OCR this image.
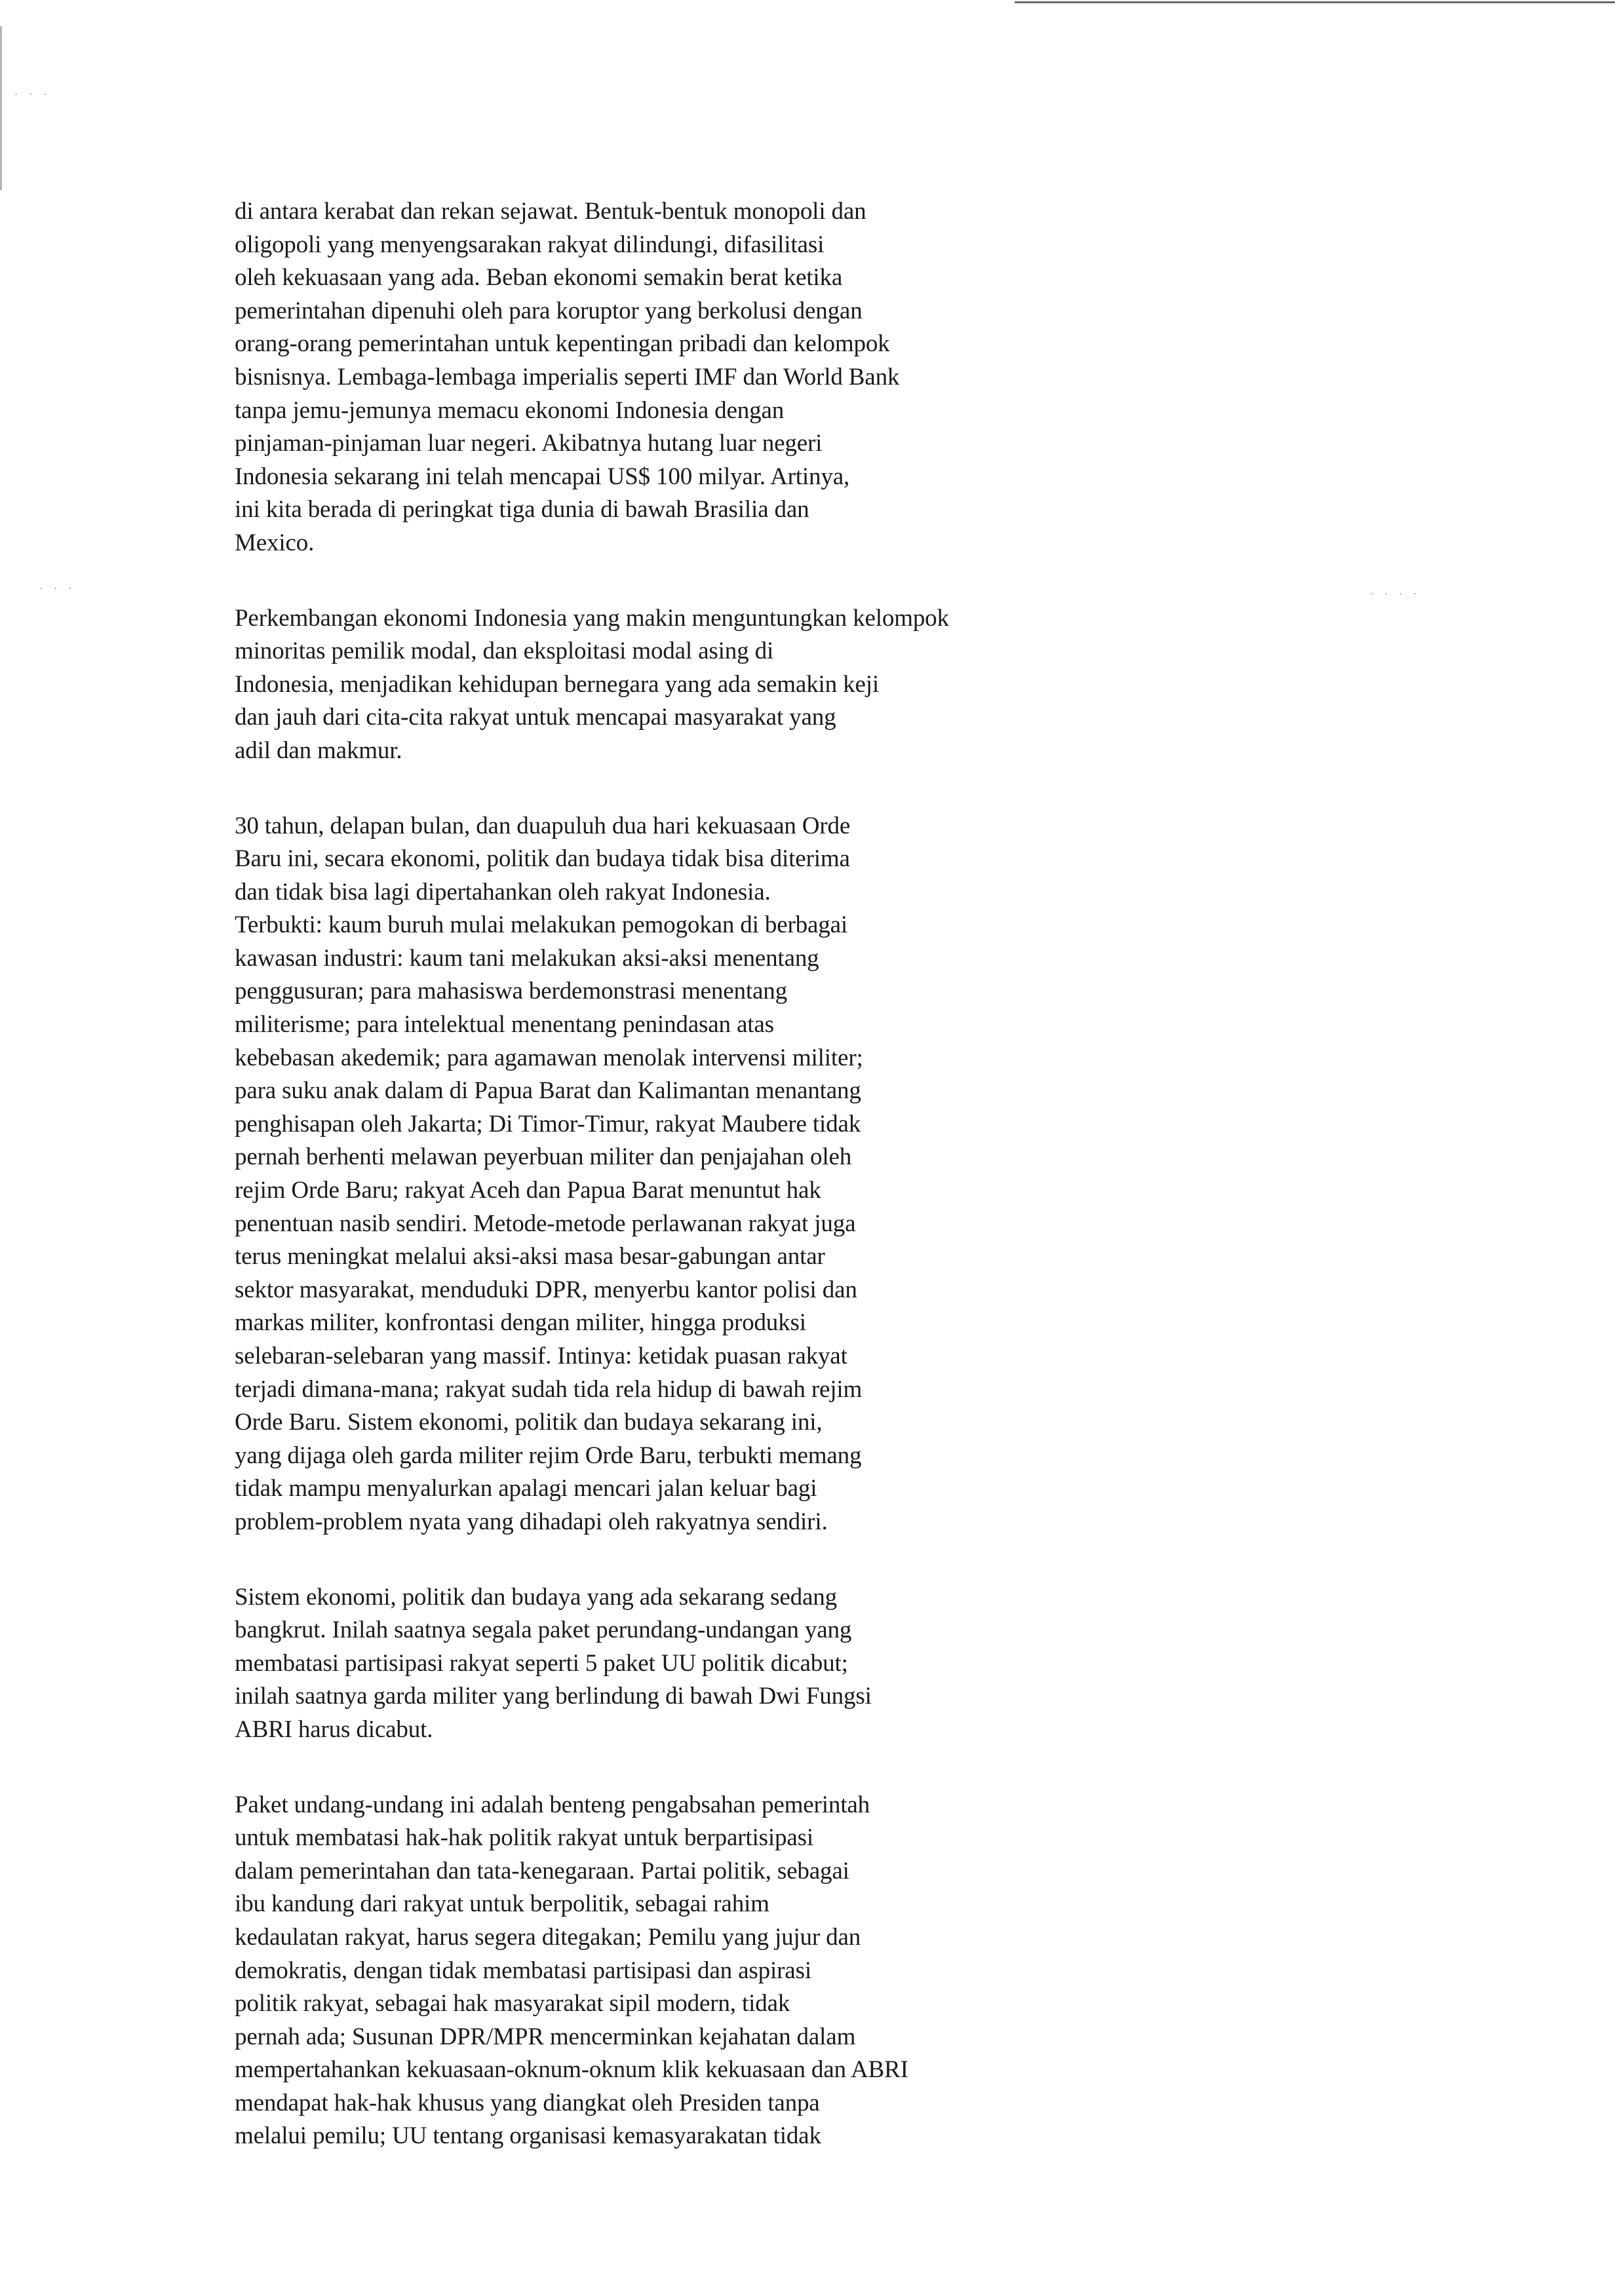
. . .
. . . .
. . .
di antara kerabat dan rekan sejawat. Bentuk-bentuk monopoli dan
oligopoli yang menyengsarakan rakyat dilindungi, difasilitasi
oleh kekuasaan yang ada. Beban ekonomi semakin berat ketika
pemerintahan dipenuhi oleh para koruptor yang berkolusi dengan
orang-orang pemerintahan untuk kepentingan pribadi dan kelompok
bisnisnya. Lembaga-lembaga imperialis seperti IMF dan World Bank
tanpa jemu-jemunya memacu ekonomi Indonesia dengan
pinjaman-pinjaman luar negeri. Akibatnya hutang luar negeri
Indonesia sekarang ini telah mencapai US$ 100 milyar. Artinya,
ini kita berada di peringkat tiga dunia di bawah Brasilia dan
Mexico.
Perkembangan ekonomi Indonesia yang makin menguntungkan kelompok
minoritas pemilik modal, dan eksploitasi modal asing di
Indonesia, menjadikan kehidupan bernegara yang ada semakin keji
dan jauh dari cita-cita rakyat untuk mencapai masyarakat yang
adil dan makmur.
30 tahun, delapan bulan, dan duapuluh dua hari kekuasaan Orde
Baru ini, secara ekonomi, politik dan budaya tidak bisa diterima
dan tidak bisa lagi dipertahankan oleh rakyat Indonesia.
Terbukti: kaum buruh mulai melakukan pemogokan di berbagai
kawasan industri: kaum tani melakukan aksi-aksi menentang
penggusuran; para mahasiswa berdemonstrasi menentang
militerisme; para intelektual menentang penindasan atas
kebebasan akedemik; para agamawan menolak intervensi militer;
para suku anak dalam di Papua Barat dan Kalimantan menantang
penghisapan oleh Jakarta; Di Timor-Timur, rakyat Maubere tidak
pernah berhenti melawan peyerbuan militer dan penjajahan oleh
rejim Orde Baru; rakyat Aceh dan Papua Barat menuntut hak
penentuan nasib sendiri. Metode-metode perlawanan rakyat juga
terus meningkat melalui aksi-aksi masa besar-gabungan antar
sektor masyarakat, menduduki DPR, menyerbu kantor polisi dan
markas militer, konfrontasi dengan militer, hingga produksi
selebaran-selebaran yang massif. Intinya: ketidak puasan rakyat
terjadi dimana-mana; rakyat sudah tida rela hidup di bawah rejim
Orde Baru. Sistem ekonomi, politik dan budaya sekarang ini,
yang dijaga oleh garda militer rejim Orde Baru, terbukti memang
tidak mampu menyalurkan apalagi mencari jalan keluar bagi
problem-problem nyata yang dihadapi oleh rakyatnya sendiri.
Sistem ekonomi, politik dan budaya yang ada sekarang sedang
bangkrut. Inilah saatnya segala paket perundang-undangan yang
membatasi partisipasi rakyat seperti 5 paket UU politik dicabut;
inilah saatnya garda militer yang berlindung di bawah Dwi Fungsi
ABRI harus dicabut.
Paket undang-undang ini adalah benteng pengabsahan pemerintah
untuk membatasi hak-hak politik rakyat untuk berpartisipasi
dalam pemerintahan dan tata-kenegaraan. Partai politik, sebagai
ibu kandung dari rakyat untuk berpolitik, sebagai rahim
kedaulatan rakyat, harus segera ditegakan; Pemilu yang jujur dan
demokratis, dengan tidak membatasi partisipasi dan aspirasi
politik rakyat, sebagai hak masyarakat sipil modern, tidak
pernah ada; Susunan DPR/MPR mencerminkan kejahatan dalam
mempertahankan kekuasaan-oknum-oknum klik kekuasaan dan ABRI
mendapat hak-hak khusus yang diangkat oleh Presiden tanpa
melalui pemilu; UU tentang organisasi kemasyarakatan tidak
